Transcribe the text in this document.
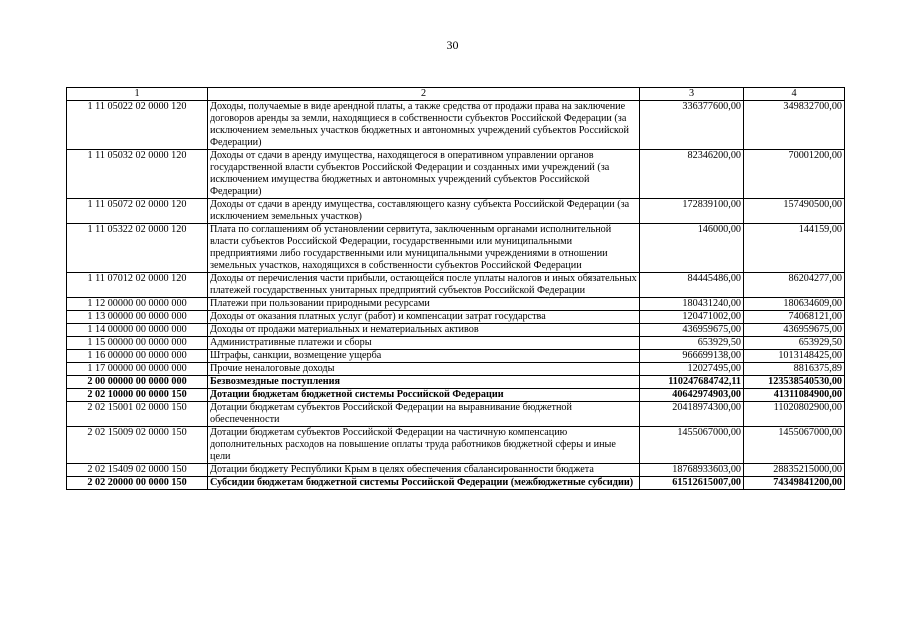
30
1	2	3	4
1 11 05022 02 0000 120	Доходы, получаемые в виде арендной платы, а также средства от продажи права на заключение договоров аренды за земли, находящиеся в собственности субъектов Российской Федерации (за исключением земельных участков бюджетных и автономных учреждений субъектов Российской Федерации)	336377600,00	349832700,00
1 11 05032 02 0000 120	Доходы от сдачи в аренду имущества, находящегося в оперативном управлении органов государственной власти субъектов Российской Федерации и созданных ими учреждений (за исключением имущества бюджетных и автономных учреждений субъектов Российской Федерации)	82346200,00	70001200,00
1 11 05072 02 0000 120	Доходы от сдачи в аренду имущества, составляющего казну субъекта Российской Федерации (за исключением земельных участков)	172839100,00	157490500,00
1 11 05322 02 0000 120	Плата по соглашениям об установлении сервитута, заключенным органами исполнительной власти субъектов Российской Федерации, государственными или муниципальными предприятиями либо государственными или муниципальными учреждениями в отношении земельных участков, находящихся в собственности субъектов Российской Федерации	146000,00	144159,00
1 11 07012 02 0000 120	Доходы от перечисления части прибыли, остающейся после уплаты налогов и иных обязательных платежей государственных унитарных предприятий субъектов Российской Федерации	84445486,00	86204277,00
1 12 00000 00 0000 000	Платежи при пользовании природными ресурсами	180431240,00	180634609,00
1 13 00000 00 0000 000	Доходы от оказания платных услуг (работ) и компенсации затрат государства	120471002,00	74068121,00
1 14 00000 00 0000 000	Доходы от продажи материальных и нематериальных активов	436959675,00	436959675,00
1 15 00000 00 0000 000	Административные платежи и сборы	653929,50	653929,50
1 16 00000 00 0000 000	Штрафы, санкции, возмещение ущерба	966699138,00	1013148425,00
1 17 00000 00 0000 000	Прочие неналоговые доходы	12027495,00	8816375,89
2 00 00000 00 0000 000	Безвозмездные поступления	110247684742,11	123538540530,00
2 02 10000 00 0000 150	Дотации бюджетам бюджетной системы Российской Федерации	40642974903,00	41311084900,00
2 02 15001 02 0000 150	Дотации бюджетам субъектов Российской Федерации на выравнивание бюджетной обеспеченности	20418974300,00	11020802900,00
2 02 15009 02 0000 150	Дотации бюджетам субъектов Российской Федерации на частичную компенсацию дополнительных расходов на повышение оплаты труда работников бюджетной сферы и иные цели	1455067000,00	1455067000,00
2 02 15409 02 0000 150	Дотации бюджету Республики Крым в целях обеспечения сбалансированности бюджета	18768933603,00	28835215000,00
2 02 20000 00 0000 150	Субсидии бюджетам бюджетной системы Российской Федерации (межбюджетные субсидии)	61512615007,00	74349841200,00
